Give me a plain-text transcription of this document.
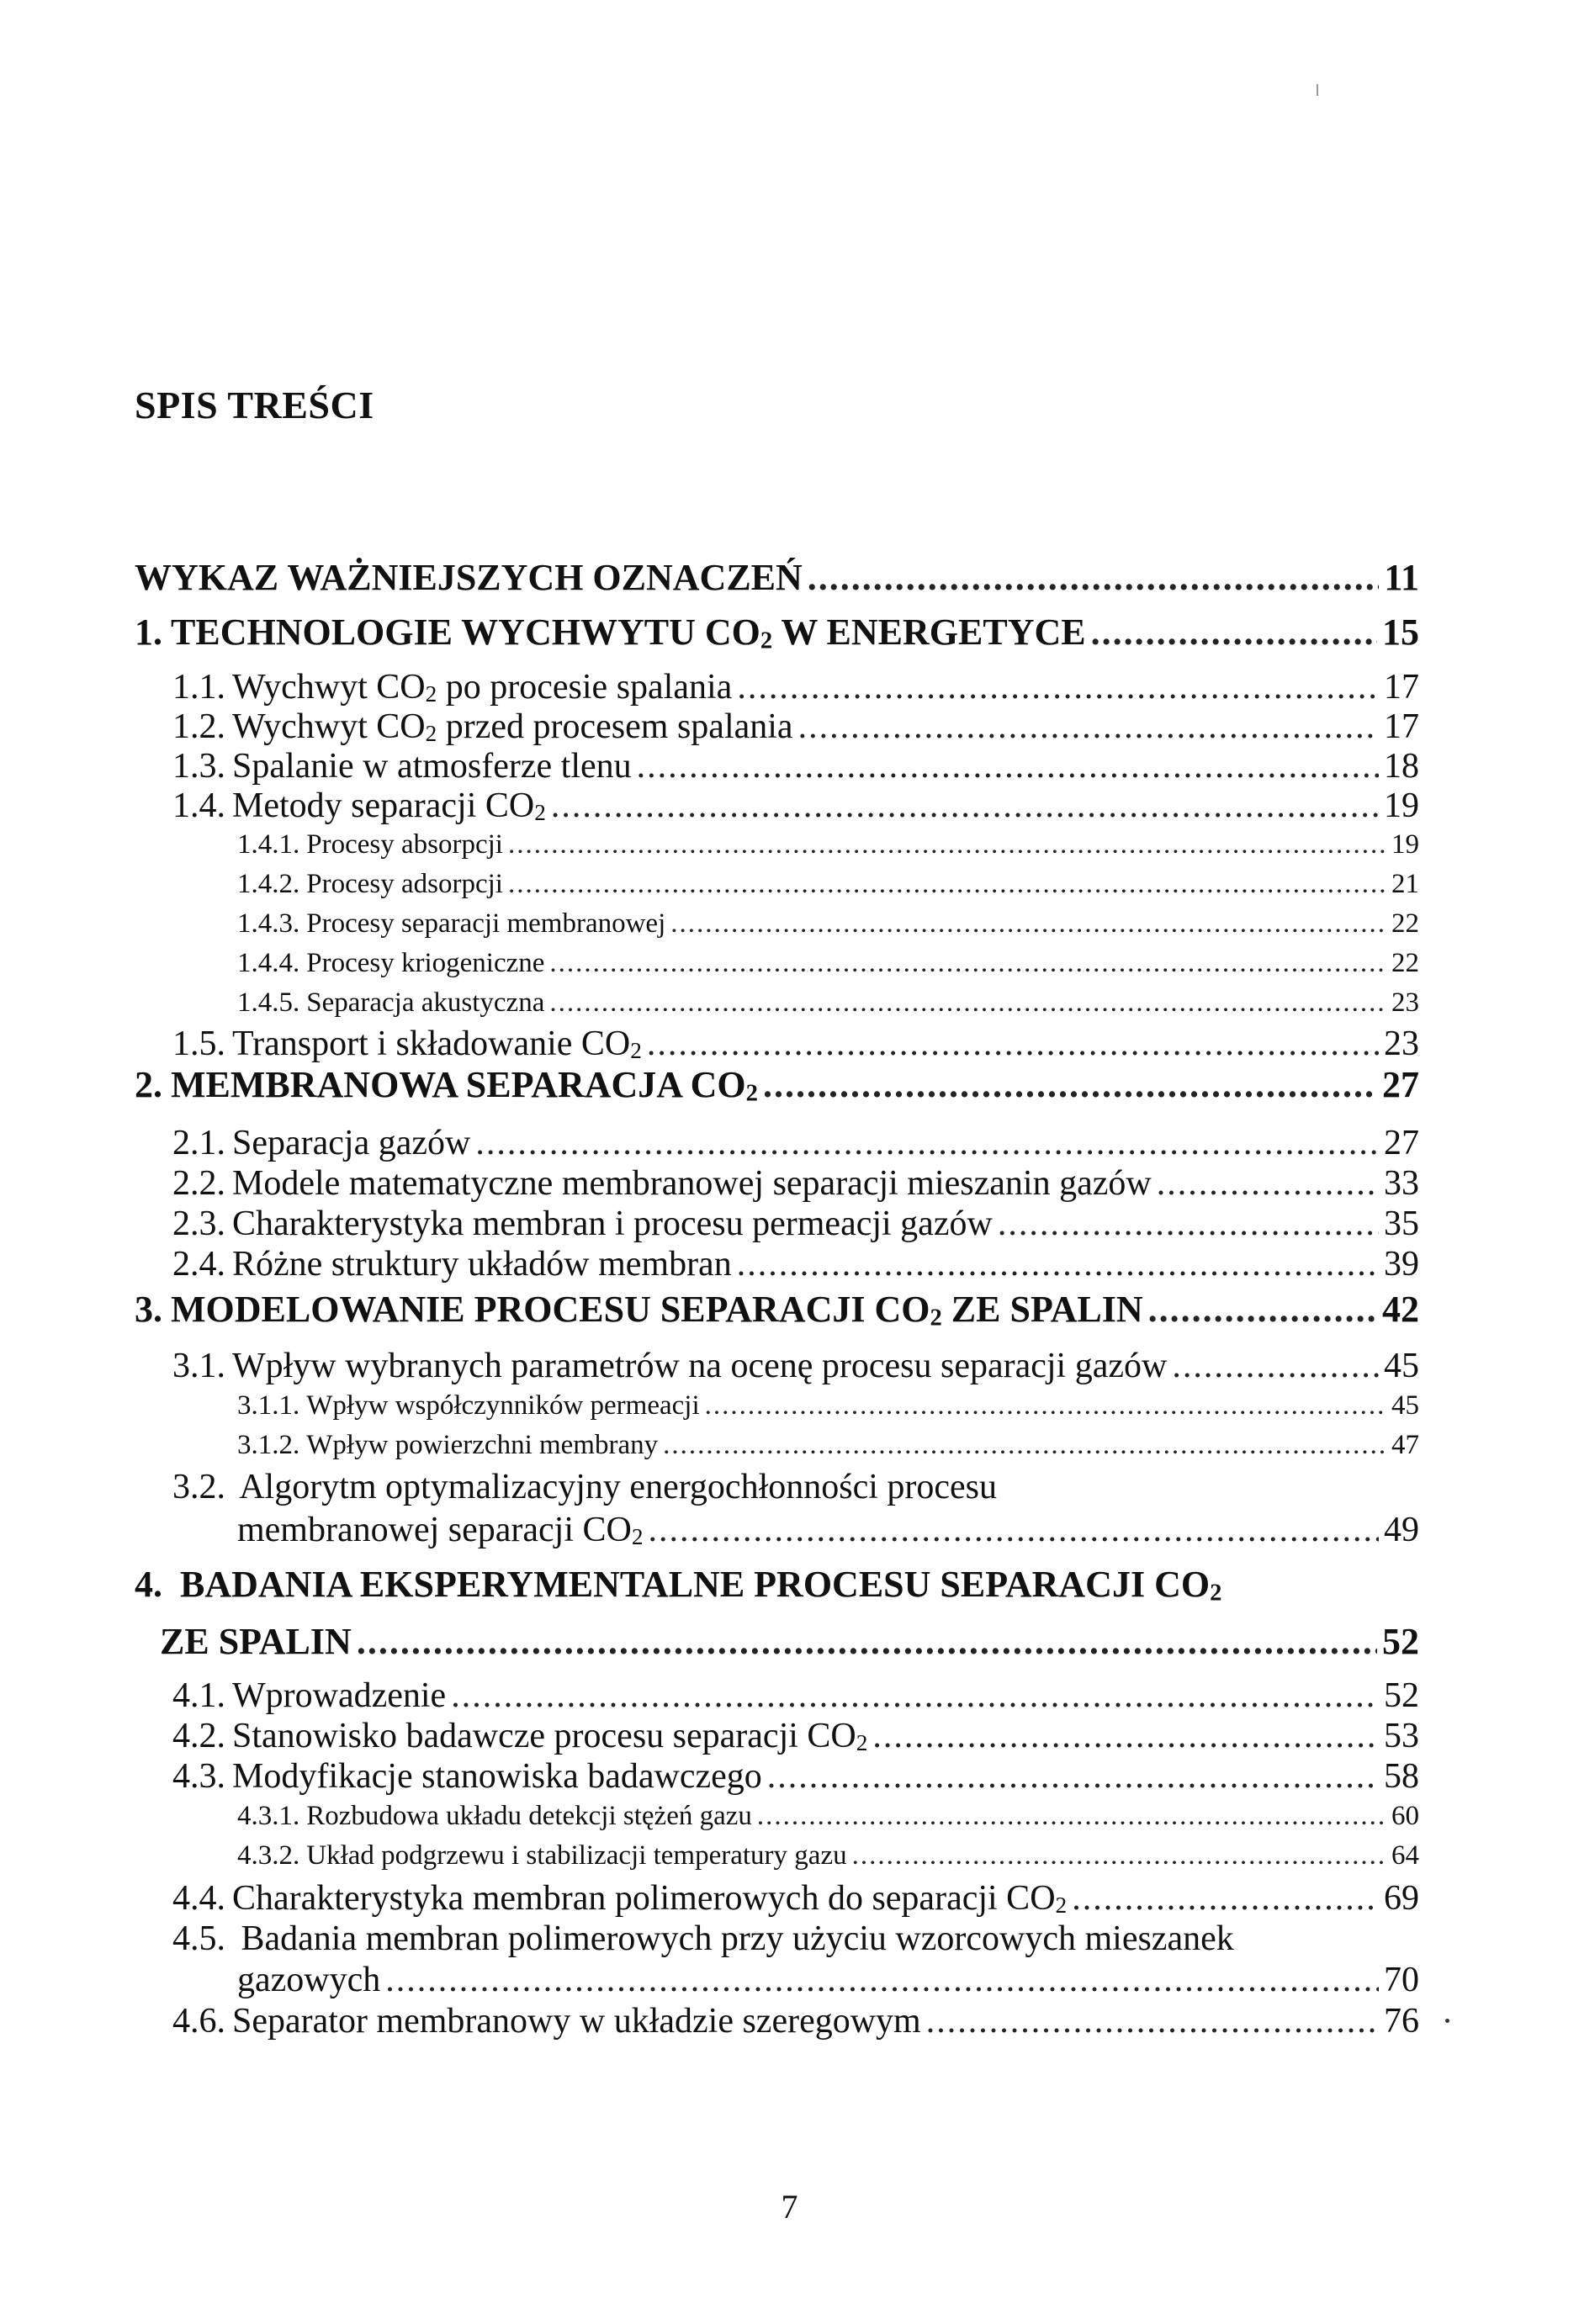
SPIS TREŚCI
WYKAZ WAŻNIEJSZYCH OZNACZEŃ .....	11
1. TECHNOLOGIE WYCHWYTU $CO_2$ W ENERGETYCE .....	15
1.1. Wychwyt $CO_2$ po procesie spalania .....	17
1.2. Wychwyt $CO_2$ przed procesem spalania .....	17
1.3. Spalanie w atmosferze tlenu .....	18
1.4. Metody separacji $CO_2$ .....	19
1.4.1. Procesy absorpcji .....	19
1.4.2. Procesy adsorpcji .....	21
1.4.3. Procesy separacji membranowej .....	22
1.4.4. Procesy kriogeniczne .....	22
1.4.5. Separacja akustyczna .....	23
1.5. Transport i składowanie $CO_2$ .....	23
2. MEMBRANOWA SEPARACJA $CO_2$ .....	27
2.1. Separacja gazów .....	27
2.2. Modele matematyczne membranowej separacji mieszanin gazów .....	33
2.3. Charakterystyka membran i procesu permeacji gazów .....	35
2.4. Różne struktury układów membran .....	39
3. MODELOWANIE PROCESU SEPARACJI $CO_2$ ZE SPALIN .....	42
3.1. Wpływ wybranych parametrów na ocenę procesu separacji gazów .....	45
3.1.1. Wpływ współczynników permeacji .....	45
3.1.2. Wpływ powierzchni membrany .....	47
3.2. Algorytm optymalizacyjny energochłonności procesu
membranowej separacji $CO_2$ .....	49
4. BADANIA EKSPERYMENTALNE PROCESU SEPARACJI $CO_2$
ZE SPALIN .....	52
4.1. Wprowadzenie .....	52
4.2. Stanowisko badawcze procesu separacji $CO_2$ .....	53
4.3. Modyfikacje stanowiska badawczego .....	58
4.3.1. Rozbudowa układu detekcji stężeń gazu .....	60
4.3.2. Układ podgrzewu i stabilizacji temperatury gazu .....	64
4.4. Charakterystyka membran polimerowych do separacji $CO_2$ .....	69
4.5. Badania membran polimerowych przy użyciu wzorcowych mieszanek
gazowych .....	70
4.6. Separator membranowy w układzie szeregowym .....	76
7
